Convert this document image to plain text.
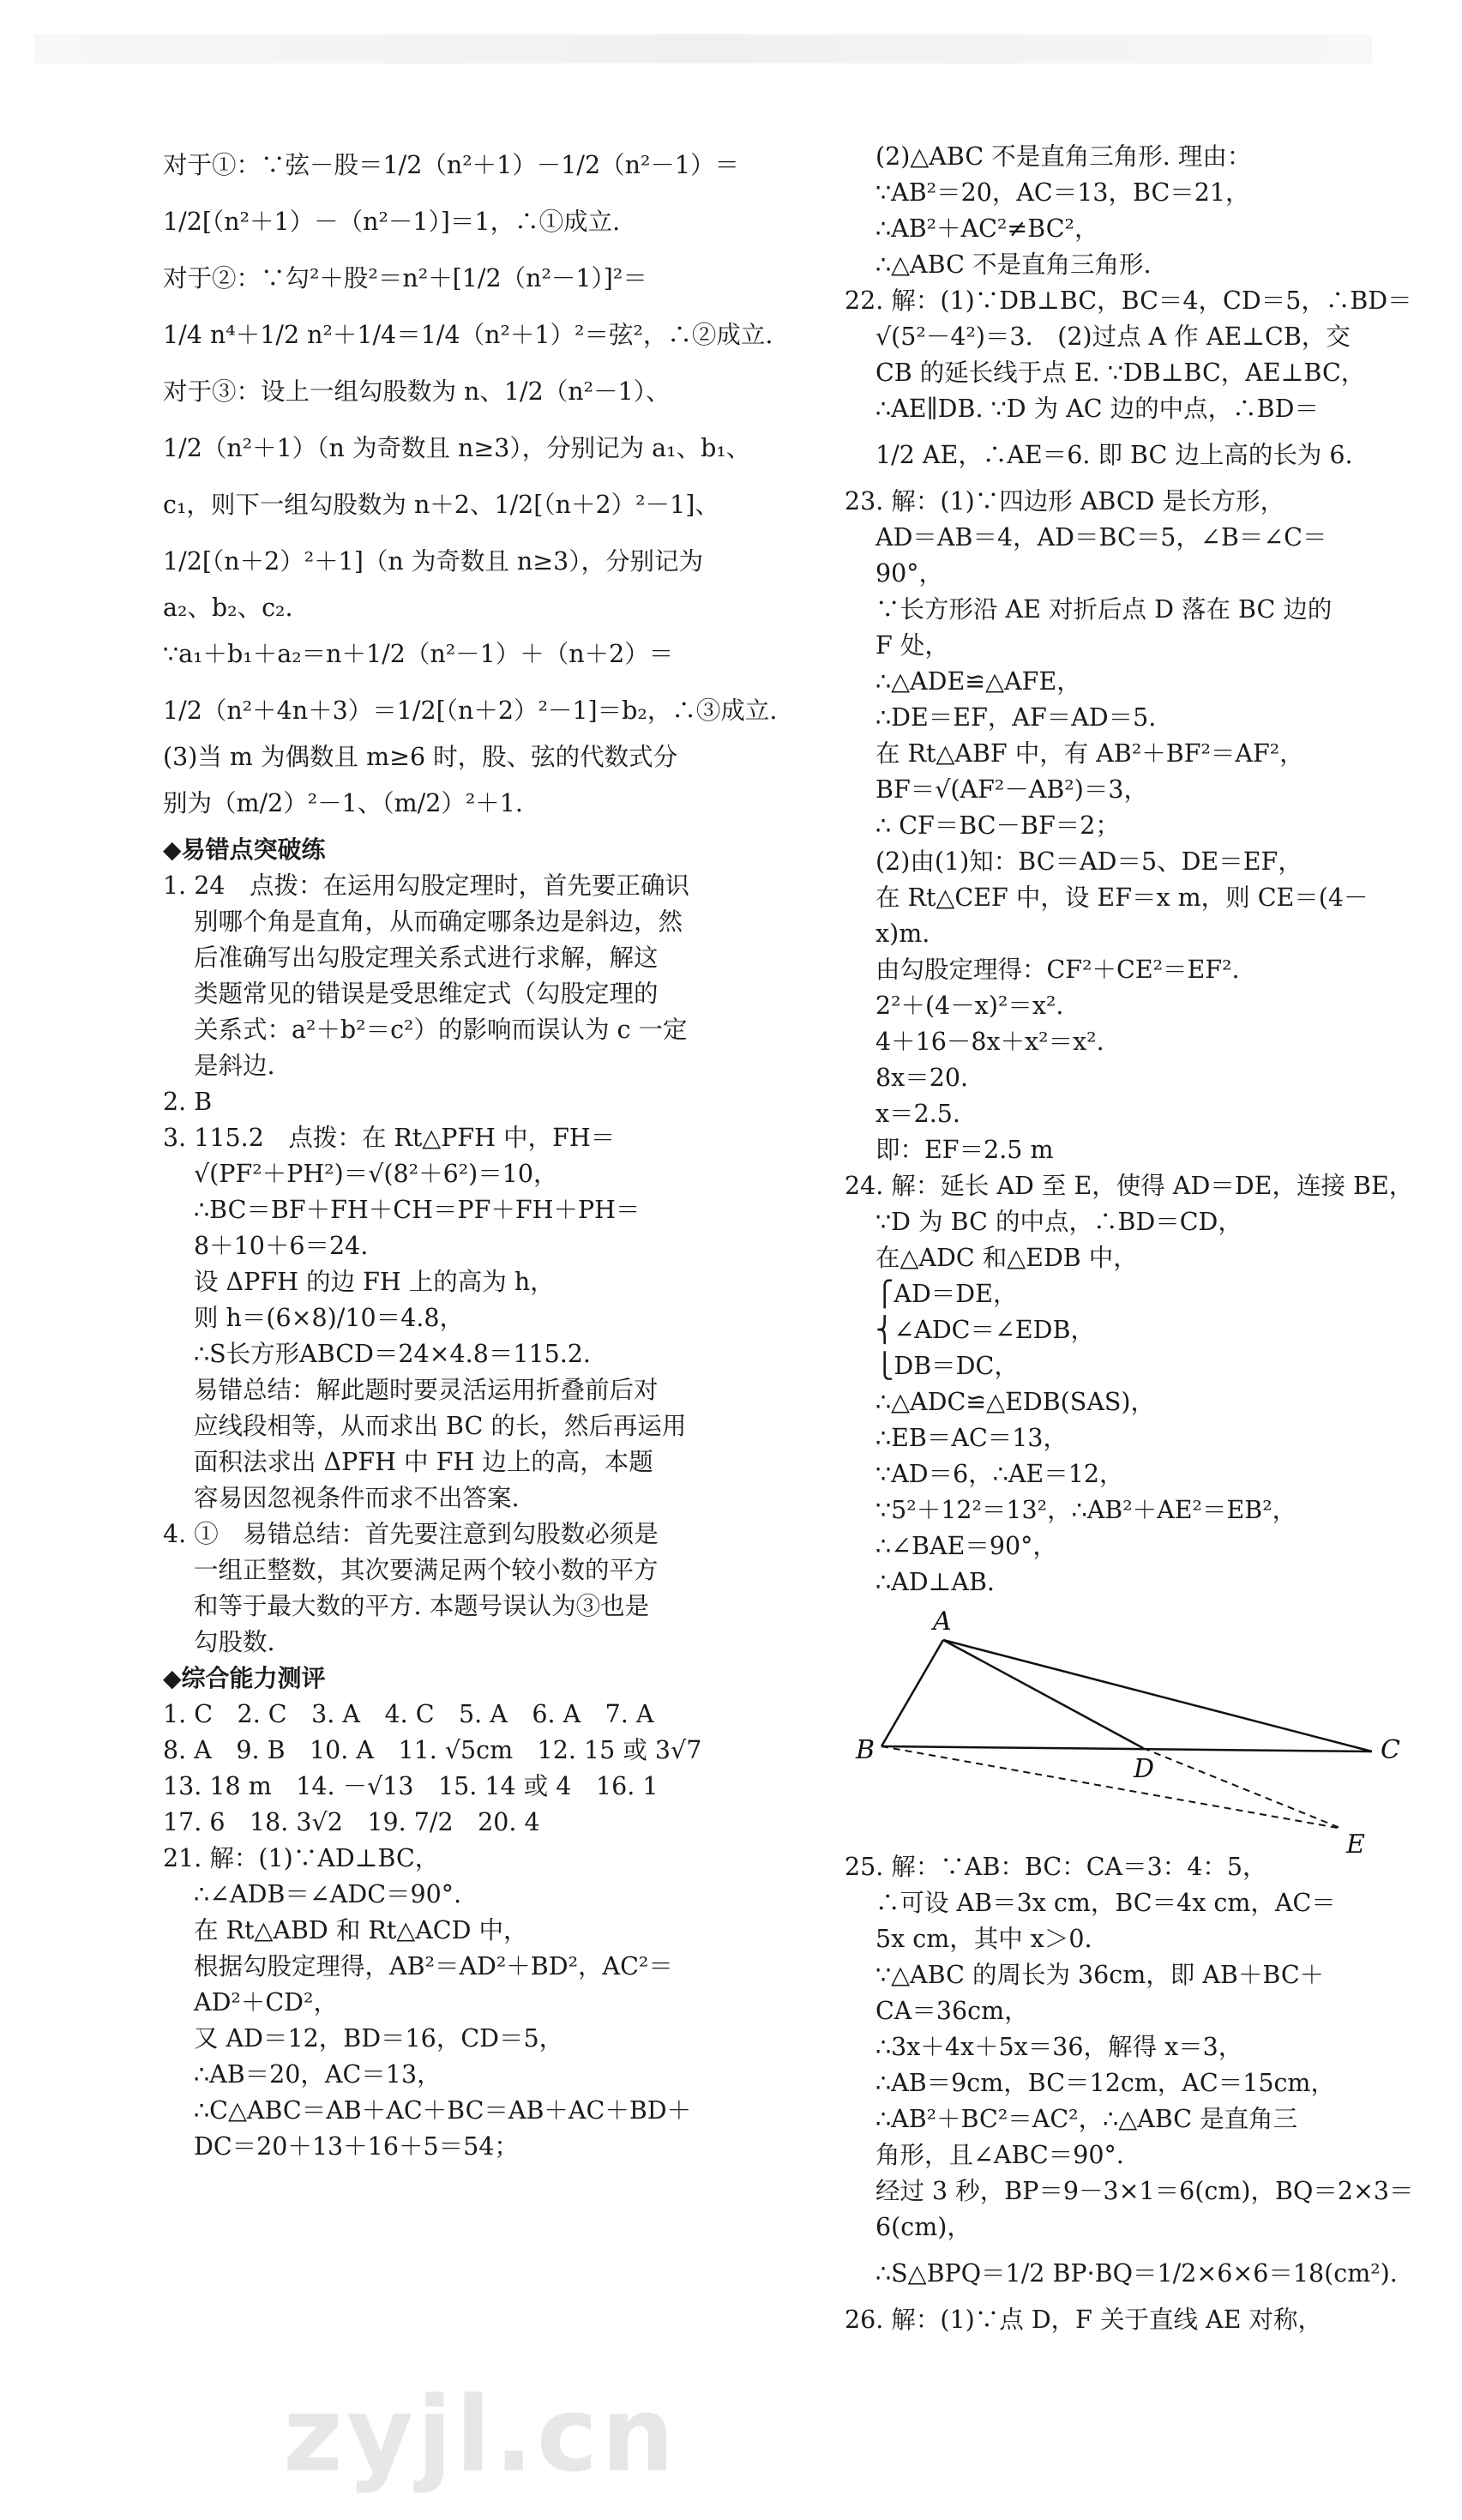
对于①：∵弦－股＝1/2（n²＋1）－1/2（n²－1）＝
1/2[（n²＋1）－（n²－1）]＝1，∴①成立.
对于②：∵勾²＋股²＝n²＋[1/2（n²－1）]²＝
1/4 n⁴＋1/2 n²＋1/4＝1/4（n²＋1）²＝弦²，∴②成立.
对于③：设上一组勾股数为 n、1/2（n²－1）、
1/2（n²＋1）（n 为奇数且 n≥3），分别记为 a₁、b₁、
c₁，则下一组勾股数为 n＋2、1/2[（n＋2）²－1]、
1/2[（n＋2）²＋1]（n 为奇数且 n≥3），分别记为
a₂、b₂、c₂.
∵a₁＋b₁＋a₂＝n＋1/2（n²－1）＋（n＋2）＝
1/2（n²＋4n＋3）＝1/2[（n＋2）²－1]＝b₂，∴③成立.
(3)当 m 为偶数且 m≥6 时，股、弦的代数式分
别为（m/2）²－1、（m/2）²＋1.
◆易错点突破练
1. 24　点拨：在运用勾股定理时，首先要正确识
别哪个角是直角，从而确定哪条边是斜边，然
后准确写出勾股定理关系式进行求解，解这
类题常见的错误是受思维定式（勾股定理的
关系式：a²＋b²＝c²）的影响而误认为 c 一定
是斜边.
2. B
3. 115.2　点拨：在 Rt△PFH 中，FH＝
√(PF²＋PH²)＝√(8²＋6²)＝10，
∴BC＝BF＋FH＋CH＝PF＋FH＋PH＝
8＋10＋6＝24.
设 ΔPFH 的边 FH 上的高为 h，
则 h＝(6×8)/10＝4.8，
∴S长方形ABCD＝24×4.8＝115.2.
易错总结：解此题时要灵活运用折叠前后对
应线段相等，从而求出 BC 的长，然后再运用
面积法求出 ΔPFH 中 FH 边上的高，本题
容易因忽视条件而求不出答案.
4. ①　易错总结：首先要注意到勾股数必须是
一组正整数，其次要满足两个较小数的平方
和等于最大数的平方. 本题号误认为③也是
勾股数.
◆综合能力测评
1. C　2. C　3. A　4. C　5. A　6. A　7. A
8. A　9. B　10. A　11. √5cm　12. 15 或 3√7
13. 18 m　14. －√13　15. 14 或 4　16. 1
17. 6　18. 3√2　19. 7/2　20. 4
21. 解：(1)∵AD⊥BC，
∴∠ADB＝∠ADC＝90°.
在 Rt△ABD 和 Rt△ACD 中，
根据勾股定理得，AB²＝AD²＋BD²，AC²＝
AD²＋CD²，
又 AD＝12，BD＝16，CD＝5，
∴AB＝20，AC＝13，
∴C△ABC＝AB＋AC＋BC＝AB＋AC＋BD＋
DC＝20＋13＋16＋5＝54；
(2)△ABC 不是直角三角形. 理由：
∵AB²＝20，AC＝13，BC＝21，
∴AB²＋AC²≠BC²，
∴△ABC 不是直角三角形.
22. 解：(1)∵DB⊥BC，BC＝4，CD＝5，∴BD＝
√(5²－4²)＝3.　(2)过点 A 作 AE⊥CB，交
CB 的延长线于点 E. ∵DB⊥BC，AE⊥BC，
∴AE∥DB. ∵D 为 AC 边的中点，∴BD＝
1/2 AE，∴AE＝6. 即 BC 边上高的长为 6.
23. 解：(1)∵四边形 ABCD 是长方形，
AD＝AB＝4，AD＝BC＝5，∠B＝∠C＝
90°，
∵长方形沿 AE 对折后点 D 落在 BC 边的
F 处，
∴△ADE≌△AFE，
∴DE＝EF，AF＝AD＝5.
在 Rt△ABF 中，有 AB²＋BF²＝AF²，
BF＝√(AF²－AB²)＝3，
∴ CF＝BC－BF＝2；
(2)由(1)知：BC＝AD＝5、DE＝EF，
在 Rt△CEF 中，设 EF＝x m，则 CE＝(4－
x)m.
由勾股定理得：CF²＋CE²＝EF².
2²＋(4－x)²＝x².
4＋16－8x＋x²＝x².
8x＝20.
x＝2.5.
即：EF＝2.5 m
24. 解：延长 AD 至 E，使得 AD＝DE，连接 BE，
∵D 为 BC 的中点，∴BD＝CD，
在△ADC 和△EDB 中，
⎧AD＝DE，
⎨∠ADC＝∠EDB，
⎩DB＝DC，
∴△ADC≌△EDB(SAS)，
∴EB＝AC＝13，
∵AD＝6，∴AE＝12，
∵5²＋12²＝13²，∴AB²＋AE²＝EB²，
∴∠BAE＝90°，
∴AD⊥AB.
25. 解：∵AB：BC：CA＝3：4：5，
∴可设 AB＝3x cm，BC＝4x cm，AC＝
5x cm，其中 x＞0.
∵△ABC 的周长为 36cm，即 AB＋BC＋
CA＝36cm，
∴3x＋4x＋5x＝36，解得 x＝3，
∴AB＝9cm，BC＝12cm，AC＝15cm，
∴AB²＋BC²＝AC²，∴△ABC 是直角三
角形，且∠ABC＝90°.
经过 3 秒，BP＝9－3×1＝6(cm)，BQ＝2×3＝
6(cm)，
∴S△BPQ＝1/2 BP·BQ＝1/2×6×6＝18(cm²).
26. 解：(1)∵点 D，F 关于直线 AE 对称，
A
B	C
D
E
zyjl.cn
